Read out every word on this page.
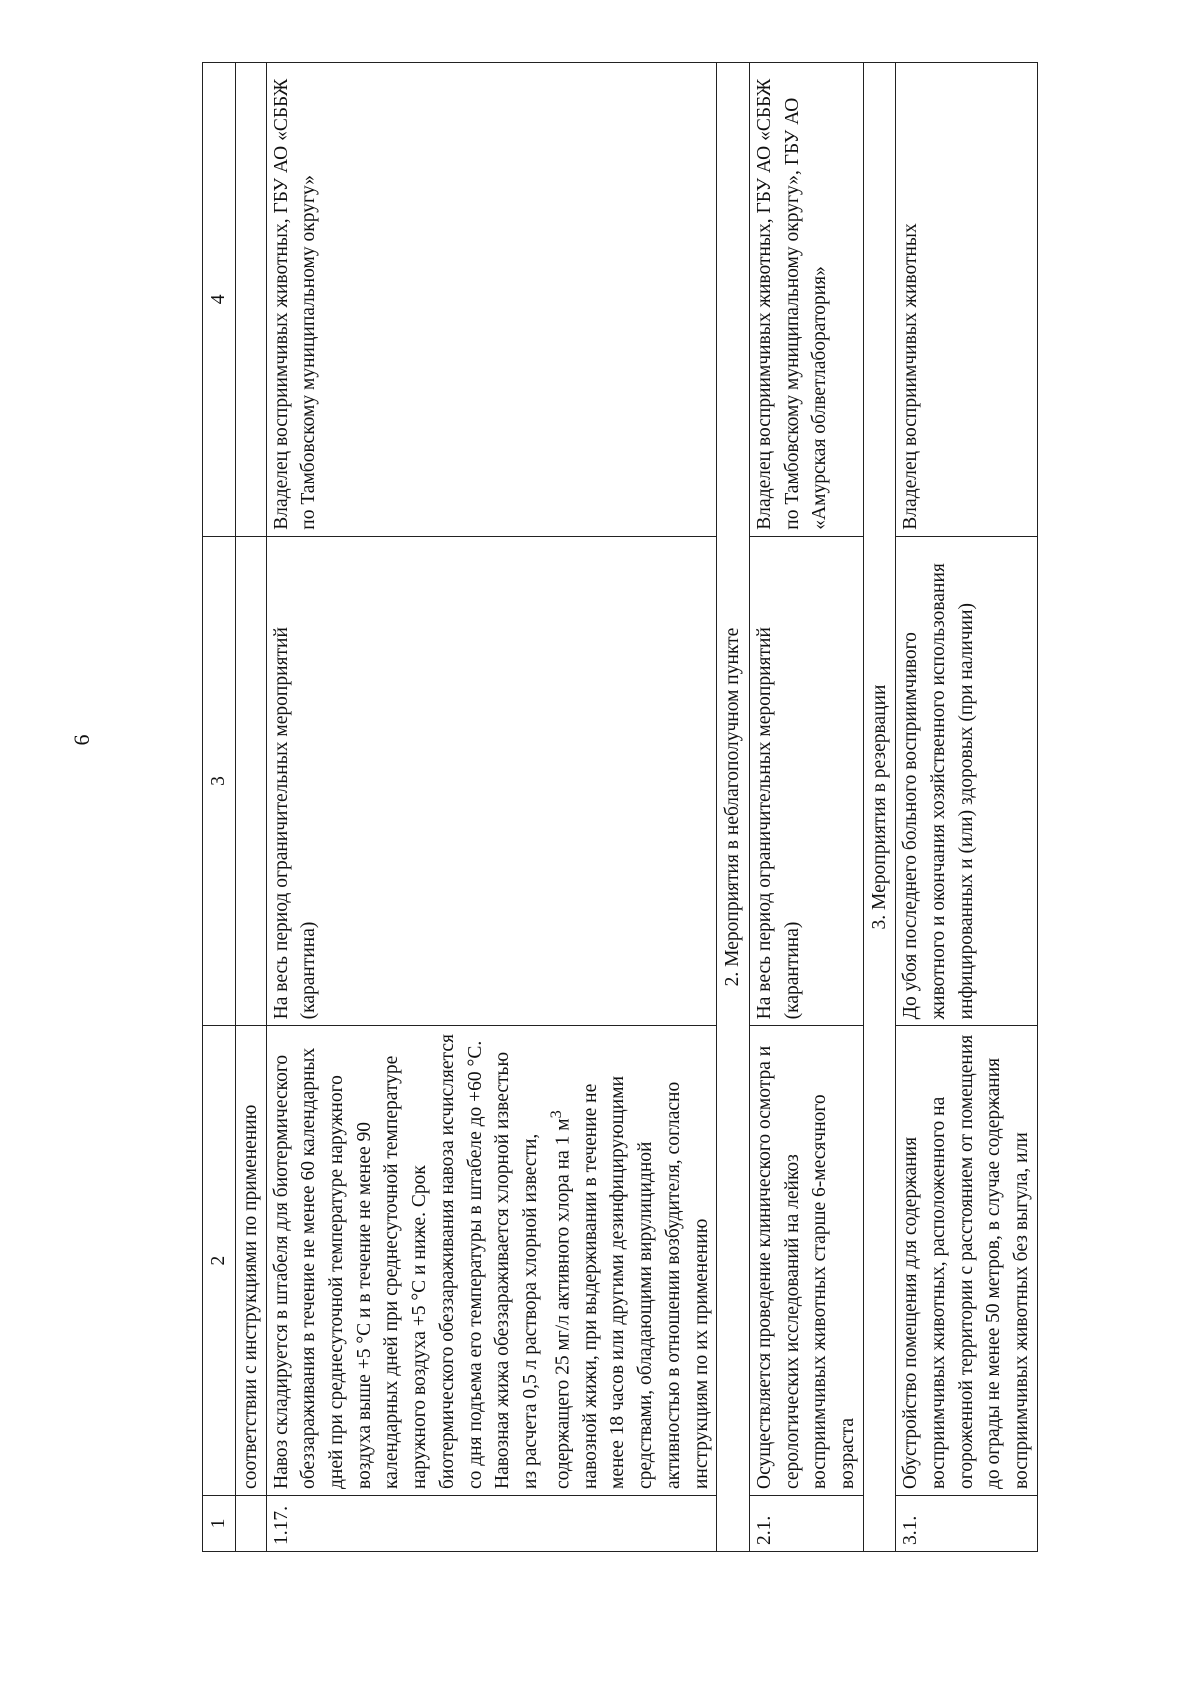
6
1	2	3	4
	соответствии с инструкциями по применению		
1.17.	Навоз складируется в штабеля для биотермического обеззараживания в течение не менее 60 календарных дней при среднесуточной температуре наружного воздуха выше +5 °С и в течение не менее 90 календарных дней при среднесуточной температуре наружного воздуха +5 °С и ниже. Срок биотермического обеззараживания навоза исчисляется со дня подъема его температуры в штабеле до +60 °С. Навозная жижа обеззараживается хлорной известью из расчета 0,5 л раствора хлорной извести, содержащего 25 мг/л активного хлора на 1 $м^3$ навозной жижи, при выдерживании в течение не менее 18 часов или другими дезинфицирующими средствами, обладающими вирулицидной активностью в отношении возбудителя, согласно инструкциям по их применению	На весь период ограничительных мероприятий (карантина)	Владелец восприимчивых животных, ГБУ АО «СББЖ по Тамбовскому муниципальному округу»
2. Мероприятия в неблагополучном пункте			
2.1.	Осуществляется проведение клинического осмотра и серологических исследований на лейкоз восприимчивых животных старше 6-месячного возраста	На весь период ограничительных мероприятий (карантина)	Владелец восприимчивых животных, ГБУ АО «СББЖ по Тамбовскому муниципальному округу», ГБУ АО «Амурская облветлаборатория»
3. Мероприятия в резервации			
3.1.	Обустройство помещения для содержания восприимчивых животных, расположенного на огороженной территории с расстоянием от помещения до ограды не менее 50 метров, в случае содержания восприимчивых животных без выгула, или	До убоя последнего больного восприимчивого животного и окончания хозяйственного использования инфицированных и (или) здоровых (при наличии)	Владелец восприимчивых животных
